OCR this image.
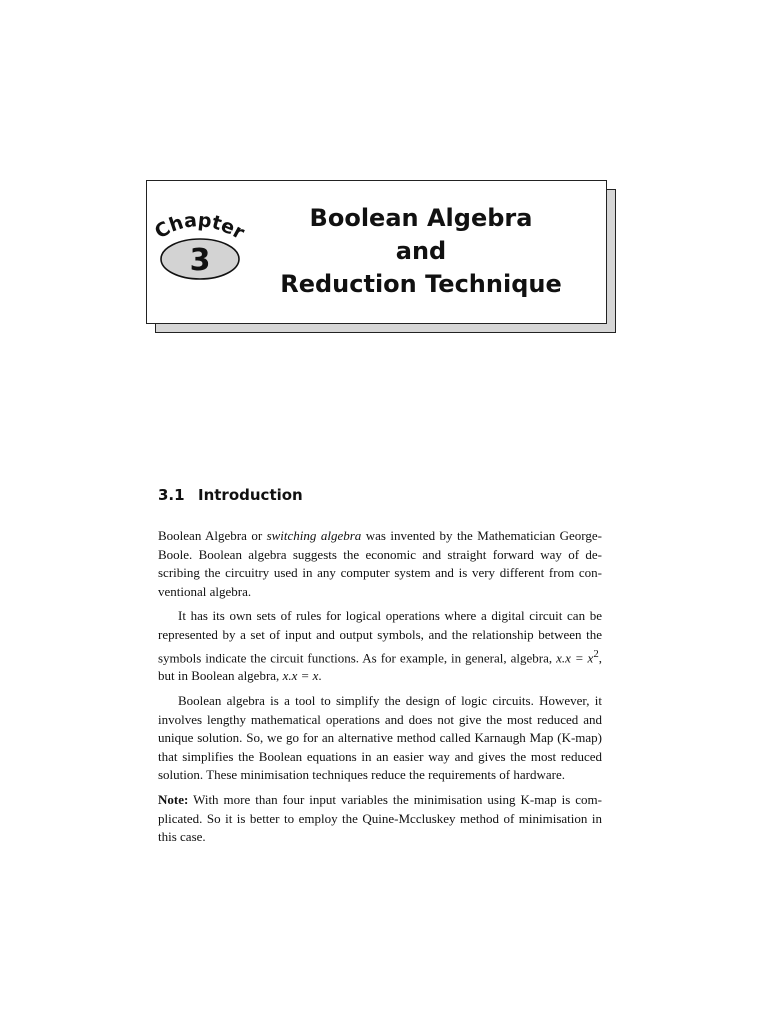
Chapter
3
Boolean Algebra
and
Reduction Technique
3.1 Introduction

Boolean Algebra or switching algebra was invented by the Mathematician George-Boole. Boolean algebra suggests the economic and straight forward way of describing the circuitry used in any computer system and is very different from conventional algebra.

It has its own sets of rules for logical operations where a digital circuit can be represented by a set of input and output symbols, and the relationship between the symbols indicate the circuit functions. As for example, in general, algebra, $x.x = x^2$, but in Boolean algebra, x.x = x.

Boolean algebra is a tool to simplify the design of logic circuits. However, it involves lengthy mathematical operations and does not give the most reduced and unique solution. So, we go for an alternative method called Karnaugh Map (K-map) that simplifies the Boolean equations in an easier way and gives the most reduced solution. These minimisation techniques reduce the requirements of hardware.

Note: With more than four input variables the minimisation using K-map is complicated. So it is better to employ the Quine-Mccluskey method of minimisation in this case.
